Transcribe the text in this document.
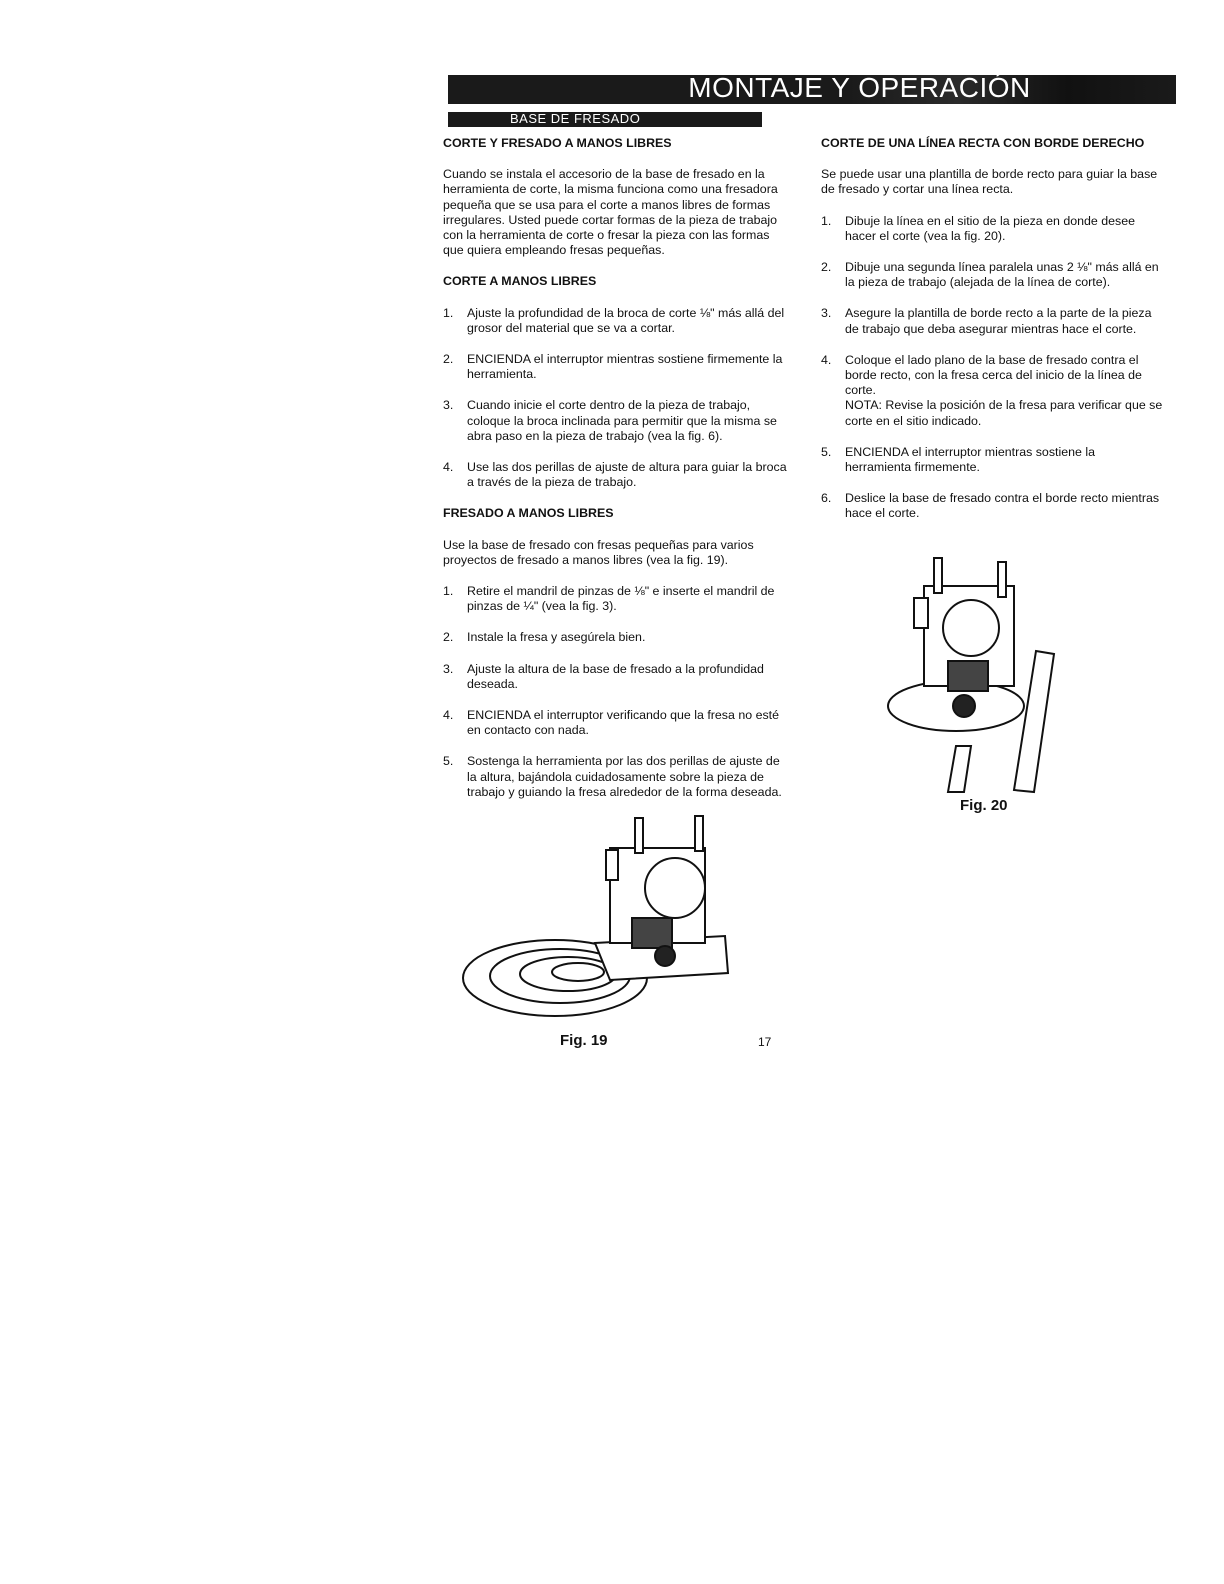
MONTAJE Y OPERACIÓN
BASE DE FRESADO
CORTE Y FRESADO A MANOS LIBRES
Cuando se instala el accesorio de la base de fresado en la herramienta de corte, la misma funciona como una fresadora pequeña que se usa para el corte a manos libres de formas irregulares. Usted puede cortar formas de la pieza de trabajo con la herramienta de corte o fresar la pieza con las formas que quiera empleando fresas pequeñas.
CORTE A MANOS LIBRES
1. Ajuste la profundidad de la broca de corte ⅛" más allá del grosor del material que se va a cortar.
2. ENCIENDA el interruptor mientras sostiene firmemente la herramienta.
3. Cuando inicie el corte dentro de la pieza de trabajo, coloque la broca inclinada para permitir que la misma se abra paso en la pieza de trabajo (vea la fig. 6).
4. Use las dos perillas de ajuste de altura para guiar la broca a través de la pieza de trabajo.
FRESADO A MANOS LIBRES
Use la base de fresado con fresas pequeñas para varios proyectos de fresado a manos libres (vea la fig. 19).
1. Retire el mandril de pinzas de ⅛" e inserte el mandril de pinzas de ¼" (vea la fig. 3).
2. Instale la fresa y asegúrela bien.
3. Ajuste la altura de la base de fresado a la profundidad deseada.
4. ENCIENDA el interruptor verificando que la fresa no esté en contacto con nada.
5. Sostenga la herramienta por las dos perillas de ajuste de la altura, bajándola cuidadosamente sobre la pieza de trabajo y guiando la fresa alrededor de la forma deseada.
CORTE DE UNA LÍNEA RECTA CON BORDE DERECHO
Se puede usar una plantilla de borde recto para guiar la base de fresado y cortar una línea recta.
1. Dibuje la línea en el sitio de la pieza en donde desee hacer el corte (vea la fig. 20).
2. Dibuje una segunda línea paralela unas 2 ⅛" más allá en la pieza de trabajo (alejada de la línea de corte).
3. Asegure la plantilla de borde recto a la parte de la pieza de trabajo que deba asegurar mientras hace el corte.
4. Coloque el lado plano de la base de fresado contra el borde recto, con la fresa cerca del inicio de la línea de corte.
NOTA: Revise la posición de la fresa para verificar que se corte en el sitio indicado.
5. ENCIENDA el interruptor mientras sostiene la herramienta firmemente.
6. Deslice la base de fresado contra el borde recto mientras hace el corte.
Fig. 19	17
Fig. 20
